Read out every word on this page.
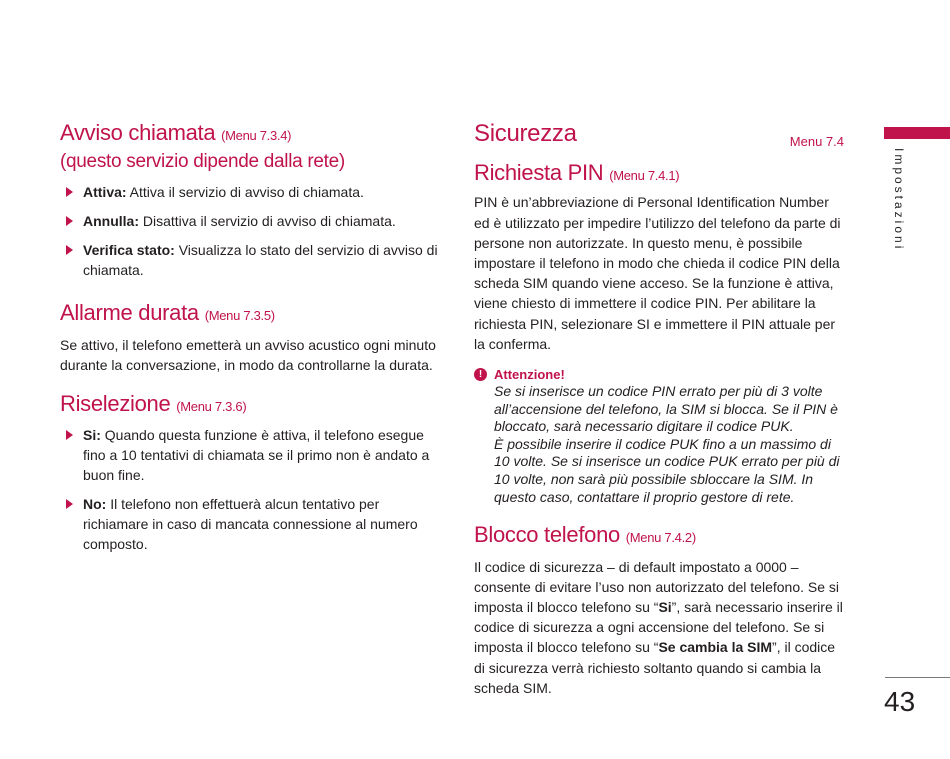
Avviso chiamata (Menu 7.3.4)
(questo servizio dipende dalla rete)
Attiva: Attiva il servizio di avviso di chiamata.
Annulla: Disattiva il servizio di avviso di chiamata.
Verifica stato: Visualizza lo stato del servizio di avviso di chiamata.
Allarme durata (Menu 7.3.5)

Se attivo, il telefono emetterà un avviso acustico ogni minuto durante la conversazione, in modo da controllarne la durata.

Riselezione (Menu 7.3.6)
Si: Quando questa funzione è attiva, il telefono esegue fino a 10 tentativi di chiamata se il primo non è andato a buon fine.
No: Il telefono non effettuerà alcun tentativo per richiamare in caso di mancata connessione al numero composto.
Sicurezza	Menu 7.4
Richiesta PIN (Menu 7.4.1)

PIN è un’abbreviazione di Personal Identification Number ed è utilizzato per impedire l’utilizzo del telefono da parte di persone non autorizzate. In questo menu, è possibile impostare il telefono in modo che chieda il codice PIN della scheda SIM quando viene acceso. Se la funzione è attiva, viene chiesto di immettere il codice PIN. Per abilitare la richiesta PIN, selezionare SI e immettere il PIN attuale per la conferma.

! Attenzione!
Se si inserisce un codice PIN errato per più di 3 volte all’accensione del telefono, la SIM si blocca. Se il PIN è bloccato, sarà necessario digitare il codice PUK.
È possibile inserire il codice PUK fino a un massimo di 10 volte. Se si inserisce un codice PUK errato per più di 10 volte, non sarà più possibile sbloccare la SIM. In questo caso, contattare il proprio gestore di rete.
Blocco telefono (Menu 7.4.2)

Il codice di sicurezza – di default impostato a 0000 – consente di evitare l’uso non autorizzato del telefono. Se si imposta il blocco telefono su “Si”, sarà necessario inserire il codice di sicurezza a ogni accensione del telefono. Se si imposta il blocco telefono su “Se cambia la SIM”, il codice di sicurezza verrà richiesto soltanto quando si cambia la scheda SIM.

Impostazioni
43
